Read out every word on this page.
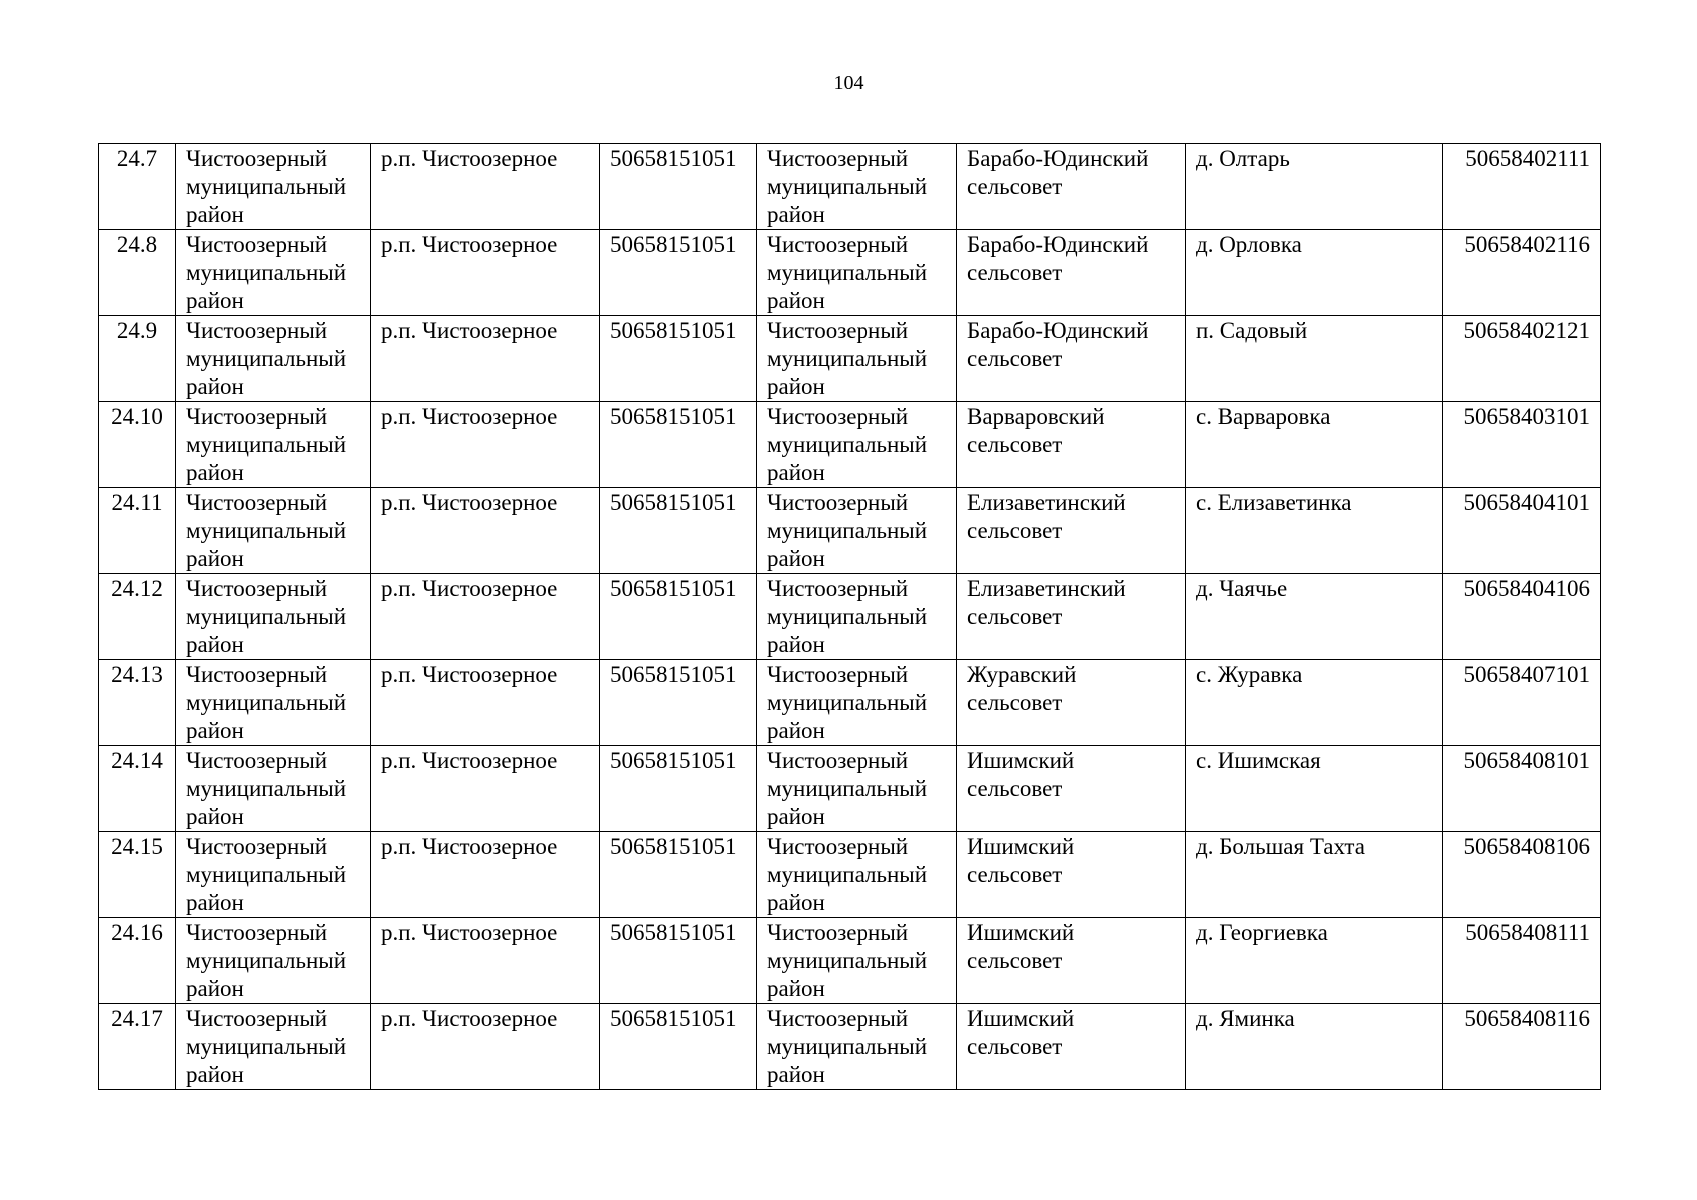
104
24.7	Чистоозерный муниципальный район	р.п. Чистоозерное	50658151051	Чистоозерный муниципальный район	Барабо-Юдинский сельсовет	д. Олтарь	50658402111
24.8	Чистоозерный муниципальный район	р.п. Чистоозерное	50658151051	Чистоозерный муниципальный район	Барабо-Юдинский сельсовет	д. Орловка	50658402116
24.9	Чистоозерный муниципальный район	р.п. Чистоозерное	50658151051	Чистоозерный муниципальный район	Барабо-Юдинский сельсовет	п. Садовый	50658402121
24.10	Чистоозерный муниципальный район	р.п. Чистоозерное	50658151051	Чистоозерный муниципальный район	Варваровский сельсовет	с. Варваровка	50658403101
24.11	Чистоозерный муниципальный район	р.п. Чистоозерное	50658151051	Чистоозерный муниципальный район	Елизаветинский сельсовет	с. Елизаветинка	50658404101
24.12	Чистоозерный муниципальный район	р.п. Чистоозерное	50658151051	Чистоозерный муниципальный район	Елизаветинский сельсовет	д. Чаячье	50658404106
24.13	Чистоозерный муниципальный район	р.п. Чистоозерное	50658151051	Чистоозерный муниципальный район	Журавский сельсовет	с. Журавка	50658407101
24.14	Чистоозерный муниципальный район	р.п. Чистоозерное	50658151051	Чистоозерный муниципальный район	Ишимский сельсовет	с. Ишимская	50658408101
24.15	Чистоозерный муниципальный район	р.п. Чистоозерное	50658151051	Чистоозерный муниципальный район	Ишимский сельсовет	д. Большая Тахта	50658408106
24.16	Чистоозерный муниципальный район	р.п. Чистоозерное	50658151051	Чистоозерный муниципальный район	Ишимский сельсовет	д. Георгиевка	50658408111
24.17	Чистоозерный муниципальный район	р.п. Чистоозерное	50658151051	Чистоозерный муниципальный район	Ишимский сельсовет	д. Яминка	50658408116
